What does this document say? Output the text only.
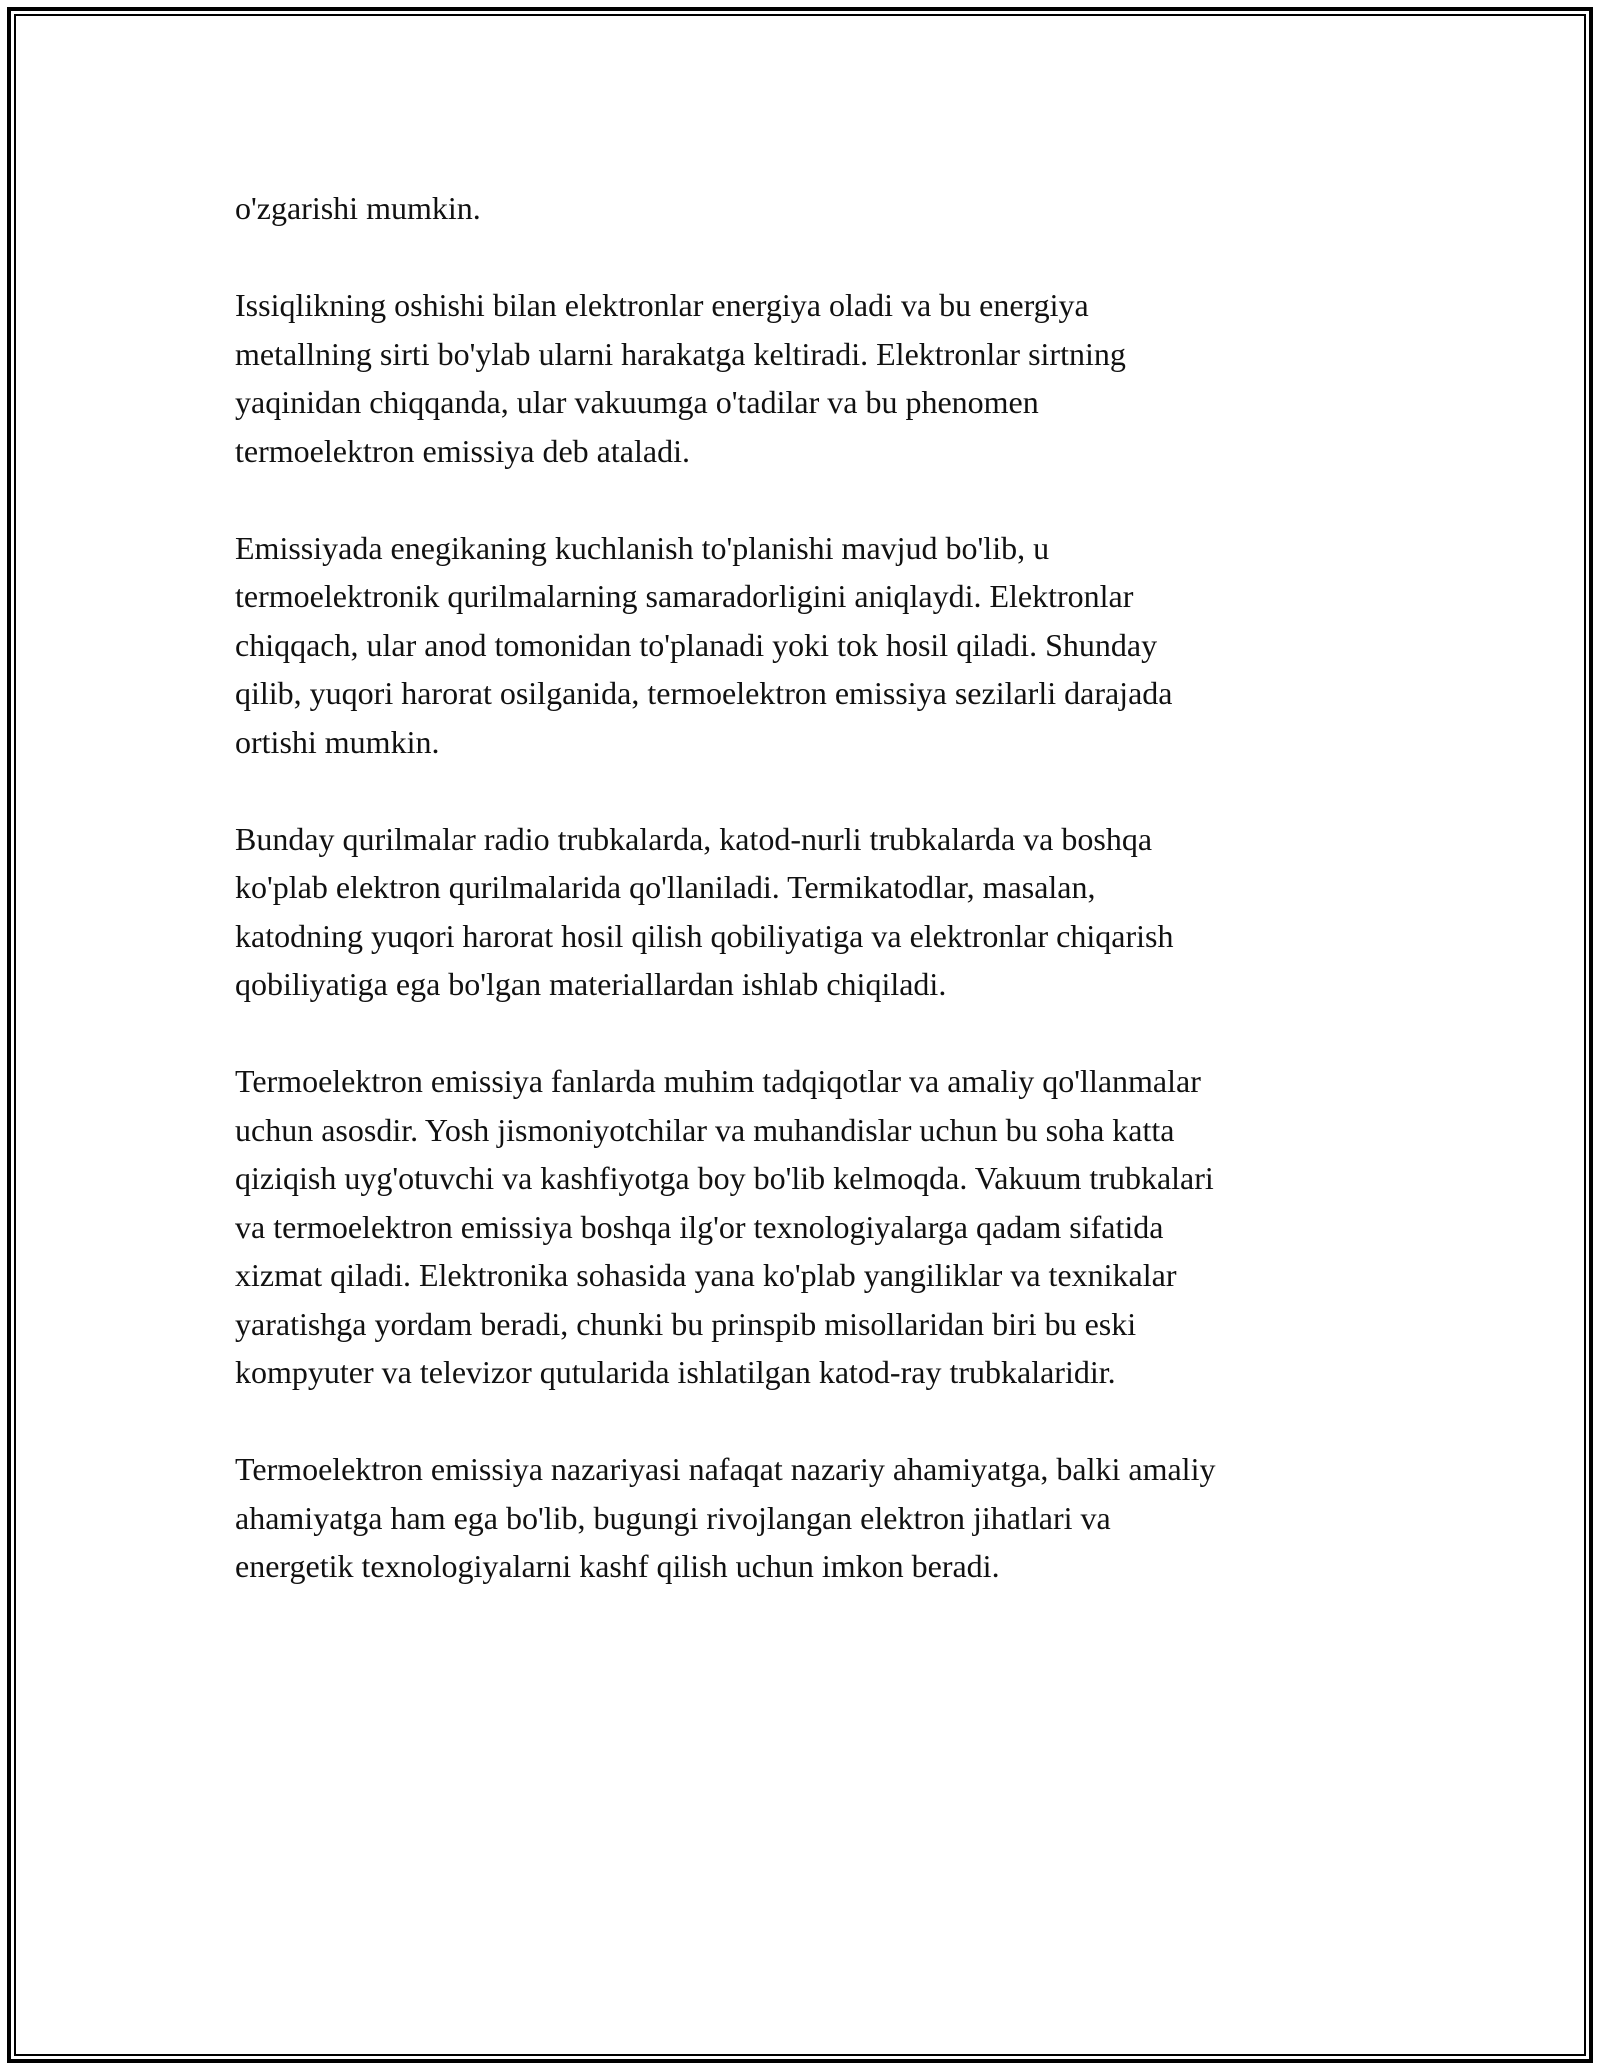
o'zgarishi mumkin.

Issiqlikning oshishi bilan elektronlar energiya oladi va bu energiya
metallning sirti bo'ylab ularni harakatga keltiradi. Elektronlar sirtning
yaqinidan chiqqanda, ular vakuumga o'tadilar va bu phenomen
termoelektron emissiya deb ataladi.

Emissiyada enegikaning kuchlanish to'planishi mavjud bo'lib, u
termoelektronik qurilmalarning samaradorligini aniqlaydi. Elektronlar
chiqqach, ular anod tomonidan to'planadi yoki tok hosil qiladi. Shunday
qilib, yuqori harorat osilganida, termoelektron emissiya sezilarli darajada
ortishi mumkin.

Bunday qurilmalar radio trubkalarda, katod-nurli trubkalarda va boshqa
ko'plab elektron qurilmalarida qo'llaniladi. Termikatodlar, masalan,
katodning yuqori harorat hosil qilish qobiliyatiga va elektronlar chiqarish
qobiliyatiga ega bo'lgan materiallardan ishlab chiqiladi.

Termoelektron emissiya fanlarda muhim tadqiqotlar va amaliy qo'llanmalar
uchun asosdir. Yosh jismoniyotchilar va muhandislar uchun bu soha katta
qiziqish uyg'otuvchi va kashfiyotga boy bo'lib kelmoqda. Vakuum trubkalari
va termoelektron emissiya boshqa ilg'or texnologiyalarga qadam sifatida
xizmat qiladi. Elektronika sohasida yana ko'plab yangiliklar va texnikalar
yaratishga yordam beradi, chunki bu prinspib misollaridan biri bu eski
kompyuter va televizor qutularida ishlatilgan katod-ray trubkalaridir.

Termoelektron emissiya nazariyasi nafaqat nazariy ahamiyatga, balki amaliy
ahamiyatga ham ega bo'lib, bugungi rivojlangan elektron jihatlari va
energetik texnologiyalarni kashf qilish uchun imkon beradi.
